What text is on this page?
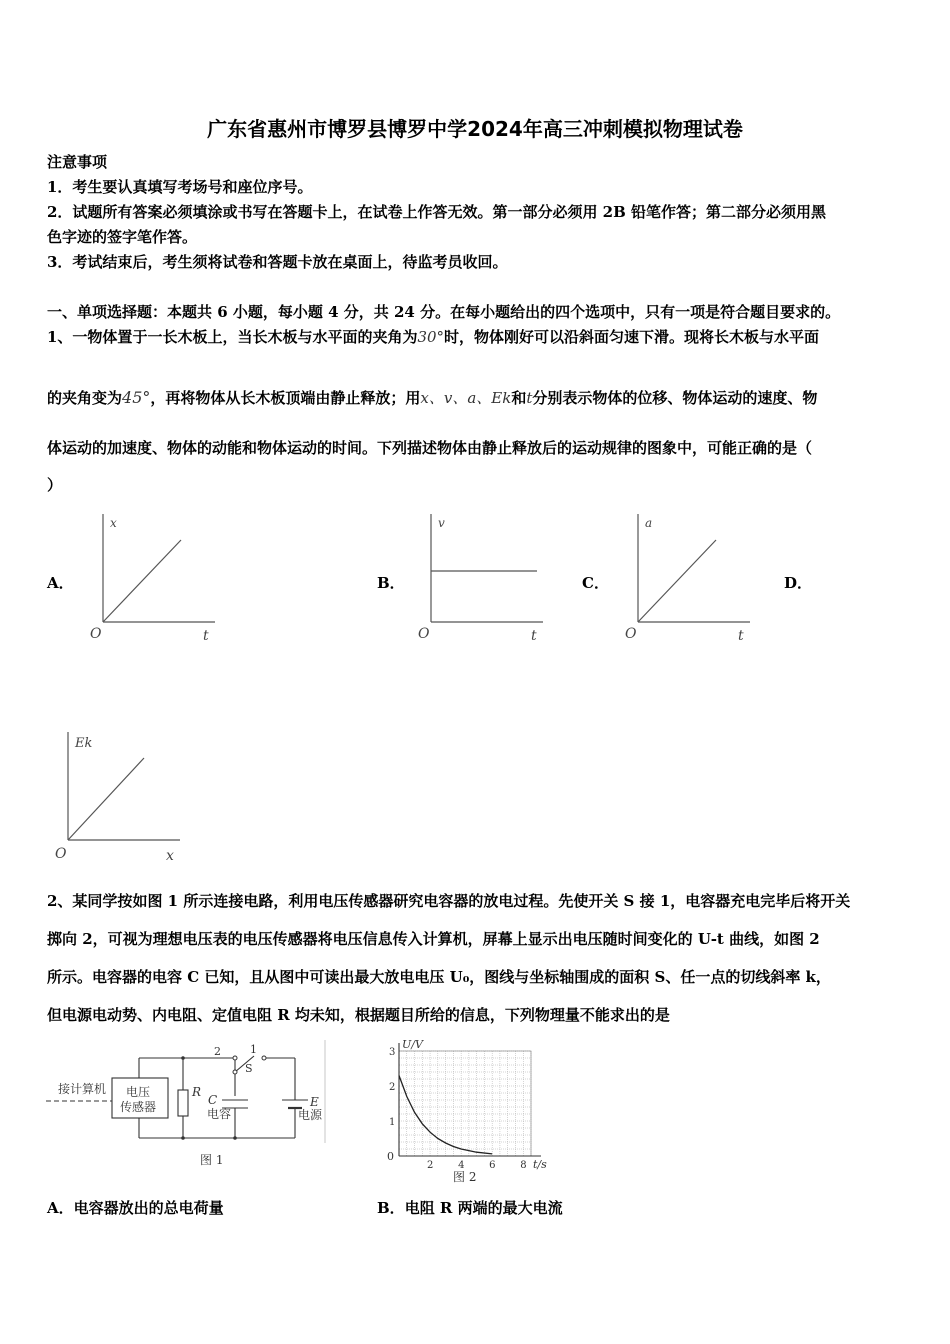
广东省惠州市博罗县博罗中学2024年高三冲刺模拟物理试卷
注意事项
1．考生要认真填写考场号和座位序号。
2．试题所有答案必须填涂或书写在答题卡上，在试卷上作答无效。第一部分必须用 2B 铅笔作答；第二部分必须用黑
色字迹的签字笔作答。
3．考试结束后，考生须将试卷和答题卡放在桌面上，待监考员收回。
一、单项选择题：本题共 6 小题，每小题 4 分，共 24 分。在每小题给出的四个选项中，只有一项是符合题目要求的。
1、一物体置于一长木板上，当长木板与水平面的夹角为30°时，物体刚好可以沿斜面匀速下滑。现将长木板与水平面
的夹角变为45°，再将物体从长木板顶端由静止释放；用x、v、a、Ek和t分别表示物体的位移、物体运动的速度、物
体运动的加速度、物体的动能和物体运动的时间。下列描述物体由静止释放后的运动规律的图象中，可能正确的是（
）
A．	B．	C．	D．
x
t
O
v
t
O
a
t
O
Ek
x
O
2、某同学按如图 1 所示连接电路，利用电压传感器研究电容器的放电过程。先使开关 S 接 1，电容器充电完毕后将开关
掷向 2，可视为理想电压表的电压传感器将电压信息传入计算机，屏幕上显示出电压随时间变化的 U-t 曲线，如图 2
所示。电容器的电容 C 已知，且从图中可读出最大放电电压 U₀，图线与坐标轴围成的面积 S、任一点的切线斜率 k，
但电源电动势、内电阻、定值电阻 R 均未知，根据题目所给的信息，下列物理量不能求出的是
接计算机 电压
传感器
R
2	1
S
C
电容
E
电源
图 1
1
2
3
2 4 6 8
U/V
t/s
0
图 2
A．电容器放出的总电荷量	B．电阻 R 两端的最大电流
